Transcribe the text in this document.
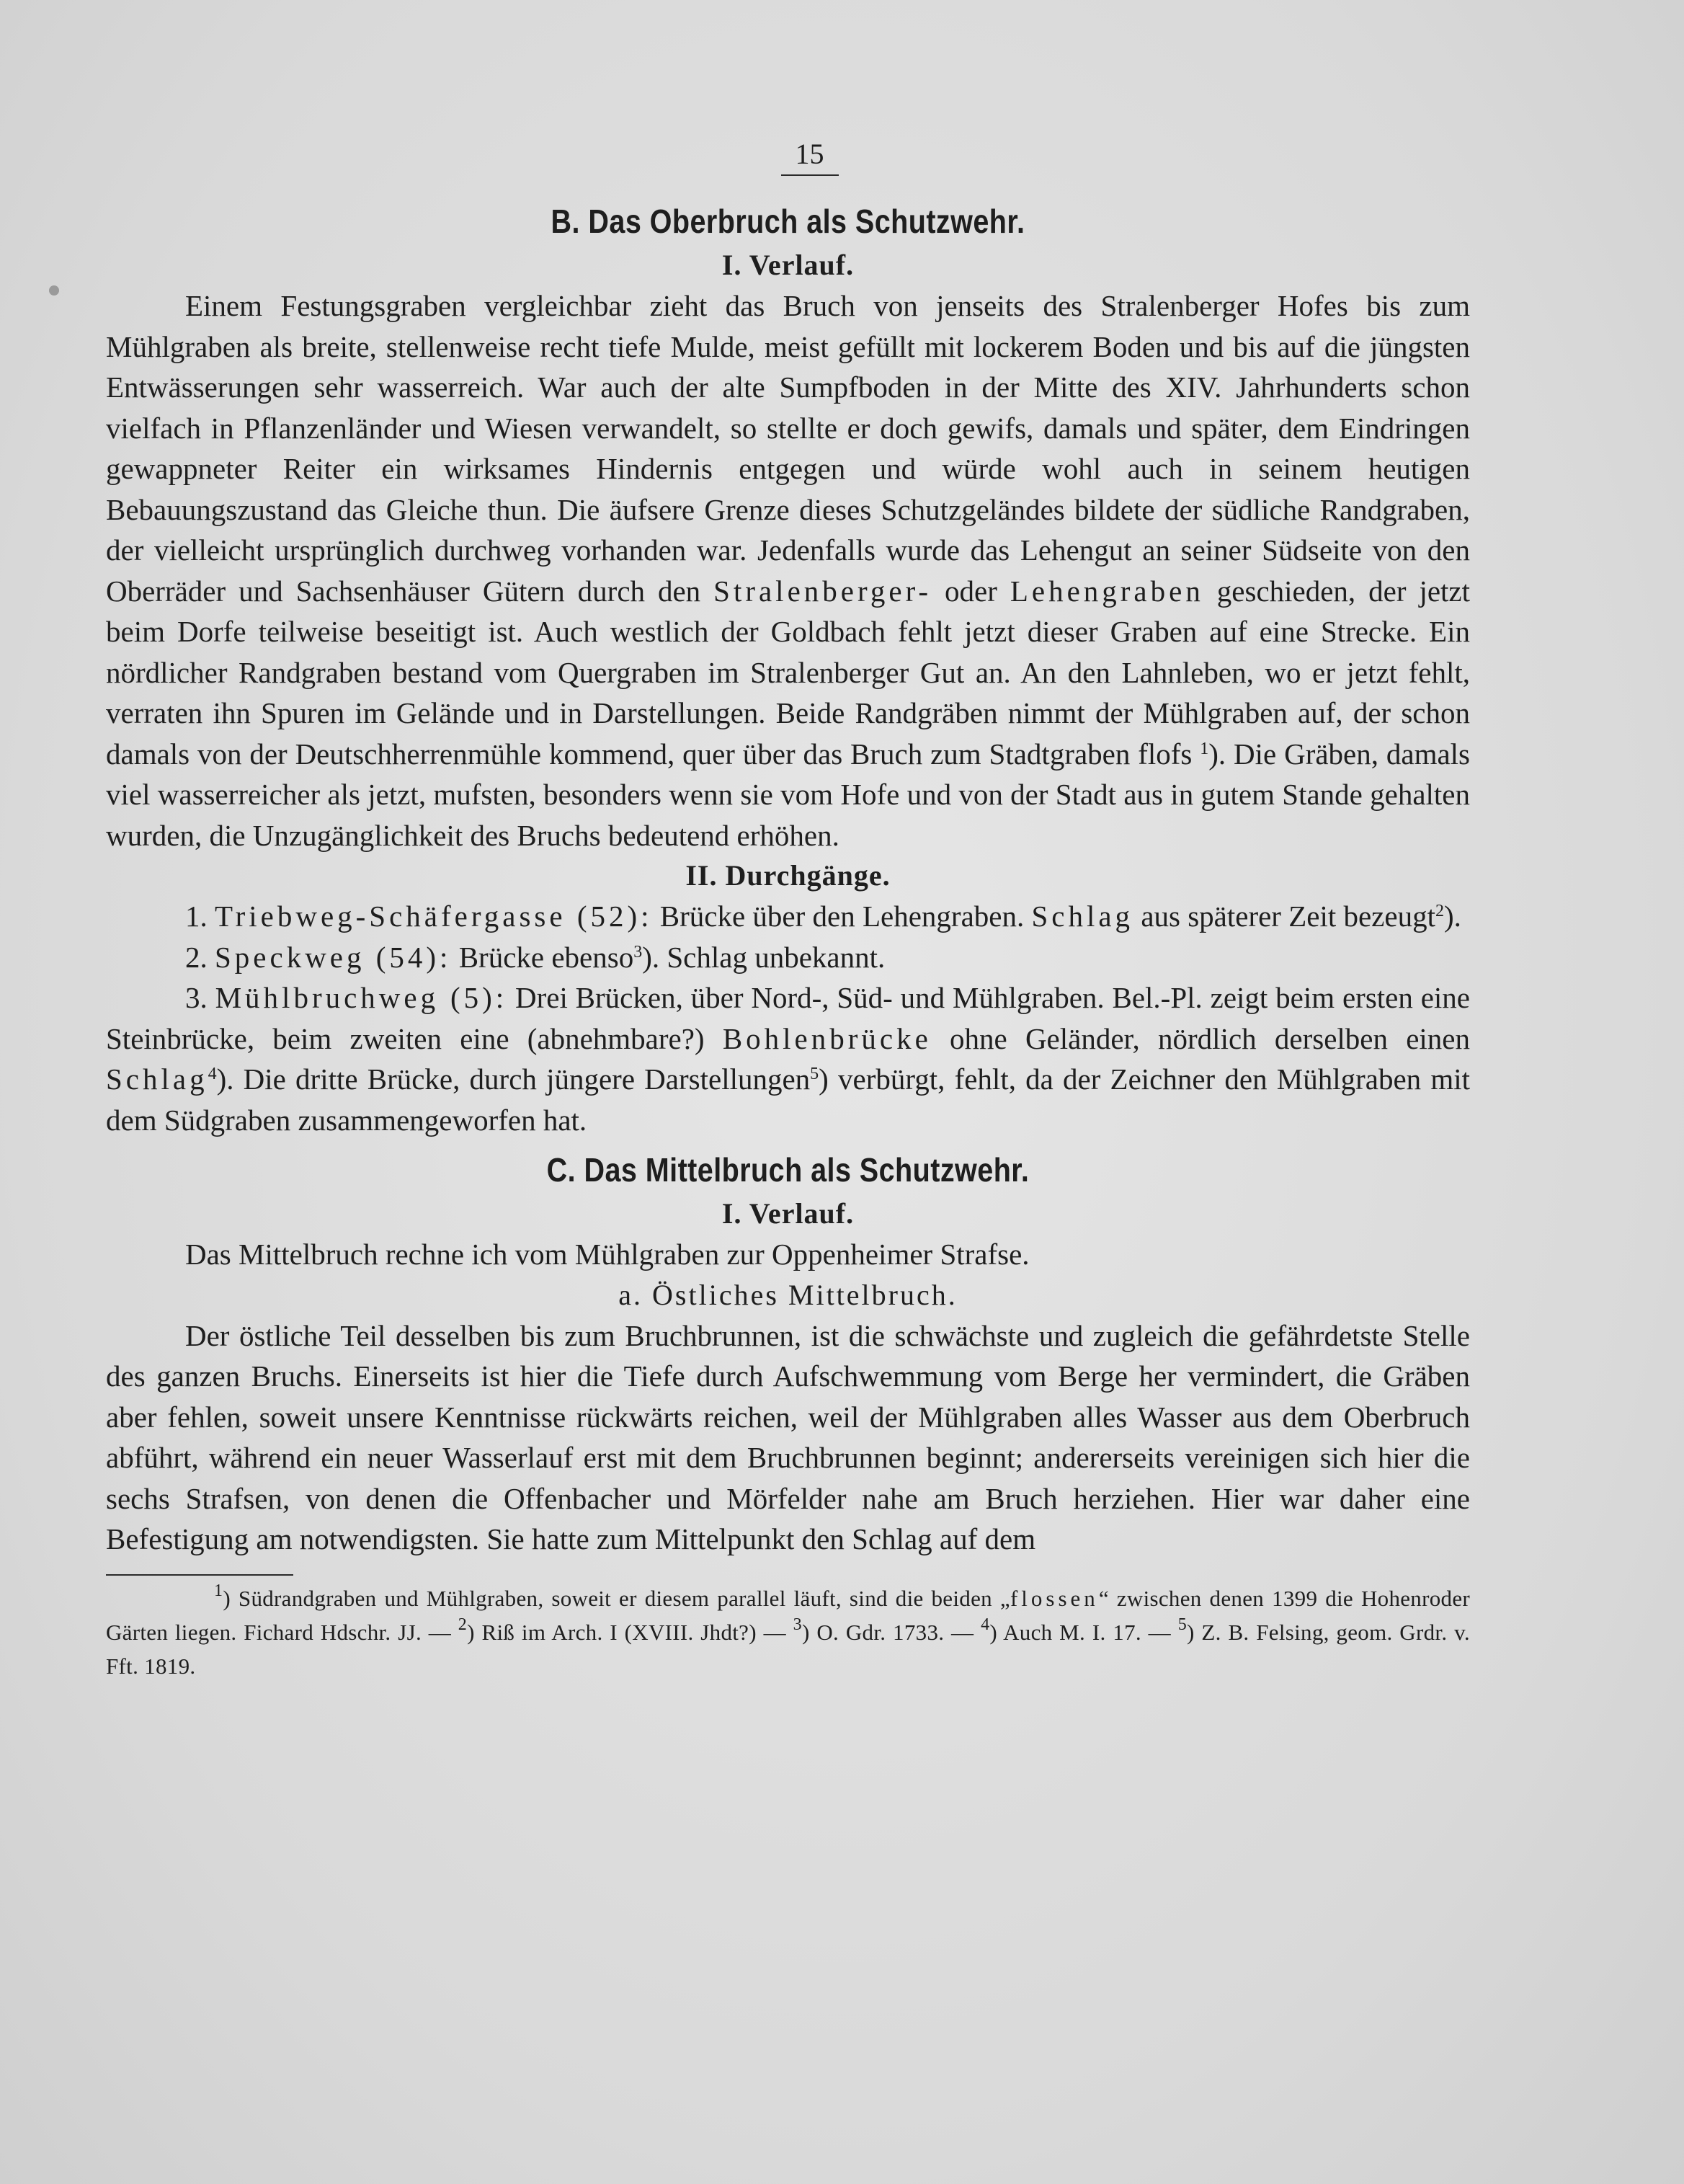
15
B. Das Oberbruch als Schutzwehr.
I. Verlauf.

Einem Festungsgraben vergleichbar zieht das Bruch von jenseits des Stralenberger Hofes bis zum Mühlgraben als breite, stellenweise recht tiefe Mulde, meist gefüllt mit lockerem Boden und bis auf die jüngsten Entwässerungen sehr wasserreich. War auch der alte Sumpfboden in der Mitte des XIV. Jahrhunderts schon vielfach in Pflanzenländer und Wiesen verwandelt, so stellte er doch gewifs, damals und später, dem Eindringen gewappneter Reiter ein wirksames Hindernis entgegen und würde wohl auch in seinem heutigen Bebauungszustand das Gleiche thun. Die äufsere Grenze dieses Schutzgeländes bildete der südliche Randgraben, der vielleicht ursprünglich durchweg vorhanden war. Jedenfalls wurde das Lehengut an seiner Südseite von den Oberräder und Sachsenhäuser Gütern durch den Stralenberger- oder Lehengraben geschieden, der jetzt beim Dorfe teilweise beseitigt ist. Auch westlich der Goldbach fehlt jetzt dieser Graben auf eine Strecke. Ein nördlicher Randgraben bestand vom Quergraben im Stralenberger Gut an. An den Lahnleben, wo er jetzt fehlt, verraten ihn Spuren im Gelände und in Darstellungen. Beide Randgräben nimmt der Mühlgraben auf, der schon damals von der Deutschherrenmühle kommend, quer über das Bruch zum Stadtgraben flofs $^1$). Die Gräben, damals viel wasserreicher als jetzt, mufsten, besonders wenn sie vom Hofe und von der Stadt aus in gutem Stande gehalten wurden, die Unzugänglichkeit des Bruchs bedeutend erhöhen.

II. Durchgänge.

1. Triebweg-Schäfergasse (52): Brücke über den Lehengraben. Schlag aus späterer Zeit bezeugt$^2$).

2. Speckweg (54): Brücke ebenso$^3$). Schlag unbekannt.

3. Mühlbruchweg (5): Drei Brücken, über Nord-, Süd- und Mühlgraben. Bel.-Pl. zeigt beim ersten eine Steinbrücke, beim zweiten eine (abnehmbare?) Bohlenbrücke ohne Geländer, nördlich derselben einen Schlag$^4$). Die dritte Brücke, durch jüngere Darstellungen$^5$) verbürgt, fehlt, da der Zeichner den Mühlgraben mit dem Südgraben zusammengeworfen hat.

C. Das Mittelbruch als Schutzwehr.
I. Verlauf.

Das Mittelbruch rechne ich vom Mühlgraben zur Oppenheimer Strafse.

a. Östliches Mittelbruch.

Der östliche Teil desselben bis zum Bruchbrunnen, ist die schwächste und zugleich die gefährdetste Stelle des ganzen Bruchs. Einerseits ist hier die Tiefe durch Aufschwemmung vom Berge her vermindert, die Gräben aber fehlen, soweit unsere Kenntnisse rückwärts reichen, weil der Mühlgraben alles Wasser aus dem Oberbruch abführt, während ein neuer Wasserlauf erst mit dem Bruchbrunnen beginnt; andererseits vereinigen sich hier die sechs Strafsen, von denen die Offenbacher und Mörfelder nahe am Bruch herziehen. Hier war daher eine Befestigung am notwendigsten. Sie hatte zum Mittelpunkt den Schlag auf dem

$^1$) Südrandgraben und Mühlgraben, soweit er diesem parallel läuft, sind die beiden „flossen“ zwischen denen 1399 die Hohenroder Gärten liegen. Fichard Hdschr. JJ. — $^2$) Riß im Arch. I (XVIII. Jhdt?) — $^3$) O. Gdr. 1733. — $^4$) Auch M. I. 17. — $^5$) Z. B. Felsing, geom. Grdr. v. Fft. 1819.
